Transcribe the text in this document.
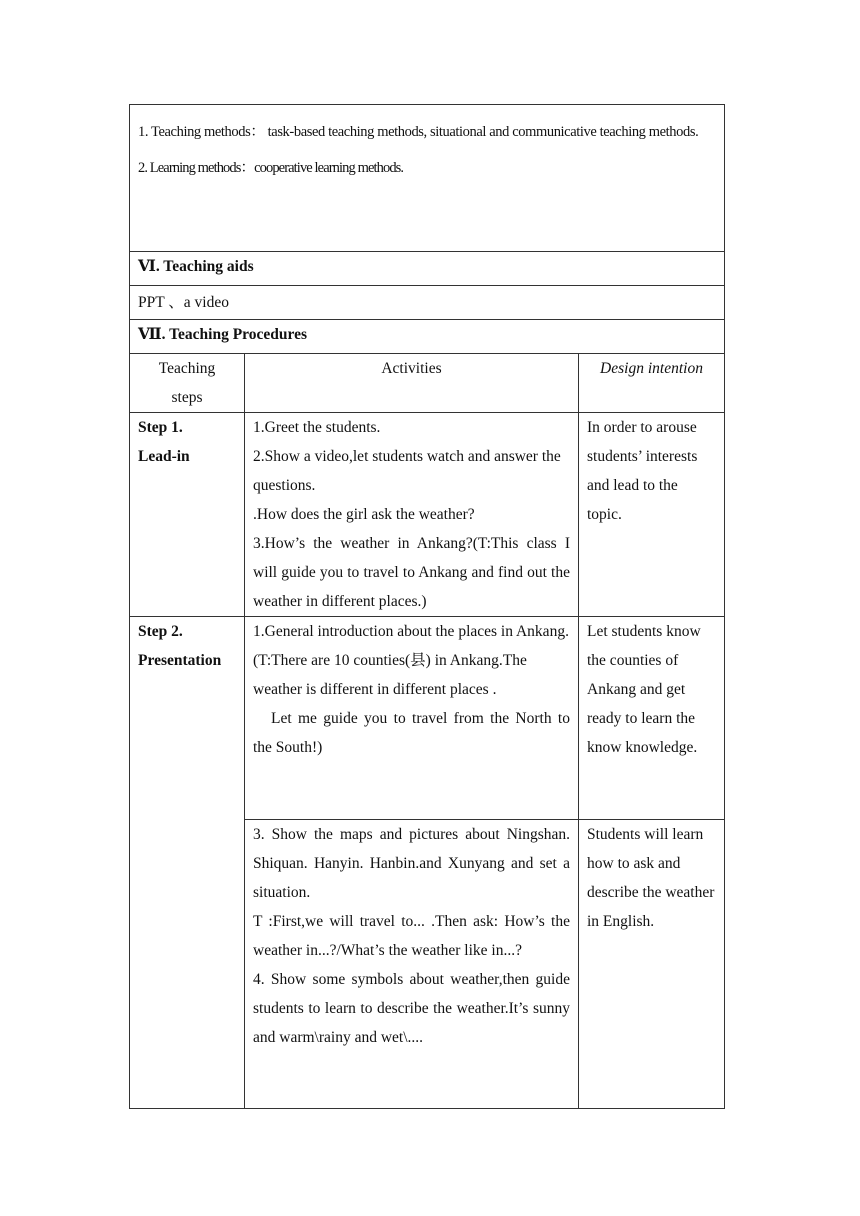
1. Teaching methods： task-based teaching methods, situational and communicative teaching methods.

2. Learning methods：cooperative learning methods.		

Ⅵ. Teaching aids		
PPT 、a video		
Ⅶ. Teaching Procedures		

Teaching
steps	Activities	Design intention

Step 1.
Lead-in	1.Greet the students.
2.Show a video,let students watch and answer the questions.
.How does the girl ask the weather?
3.How’s the weather in Ankang?(T:This class I will guide you to travel to Ankang and find out the weather in different places.)	In order to arouse students’ interests and lead to the topic.

Step 2.
Presentation	1.General introduction about the places in Ankang.(T:There are 10 counties(县) in Ankang.The weather is different in different places .
Let me guide you to travel from the North to the South!)	Let students know the counties of Ankang and get ready to learn the know knowledge.

	3. Show the maps and pictures about Ningshan. Shiquan. Hanyin. Hanbin.and Xunyang and set a situation.
T :First,we will travel to... .Then ask: How’s the weather in...?/What’s the weather like in...?
4. Show some symbols about weather,then guide students to learn to describe the weather.It’s sunny and warm\rainy and wet\....	Students will learn how to ask and describe the weather in English.
